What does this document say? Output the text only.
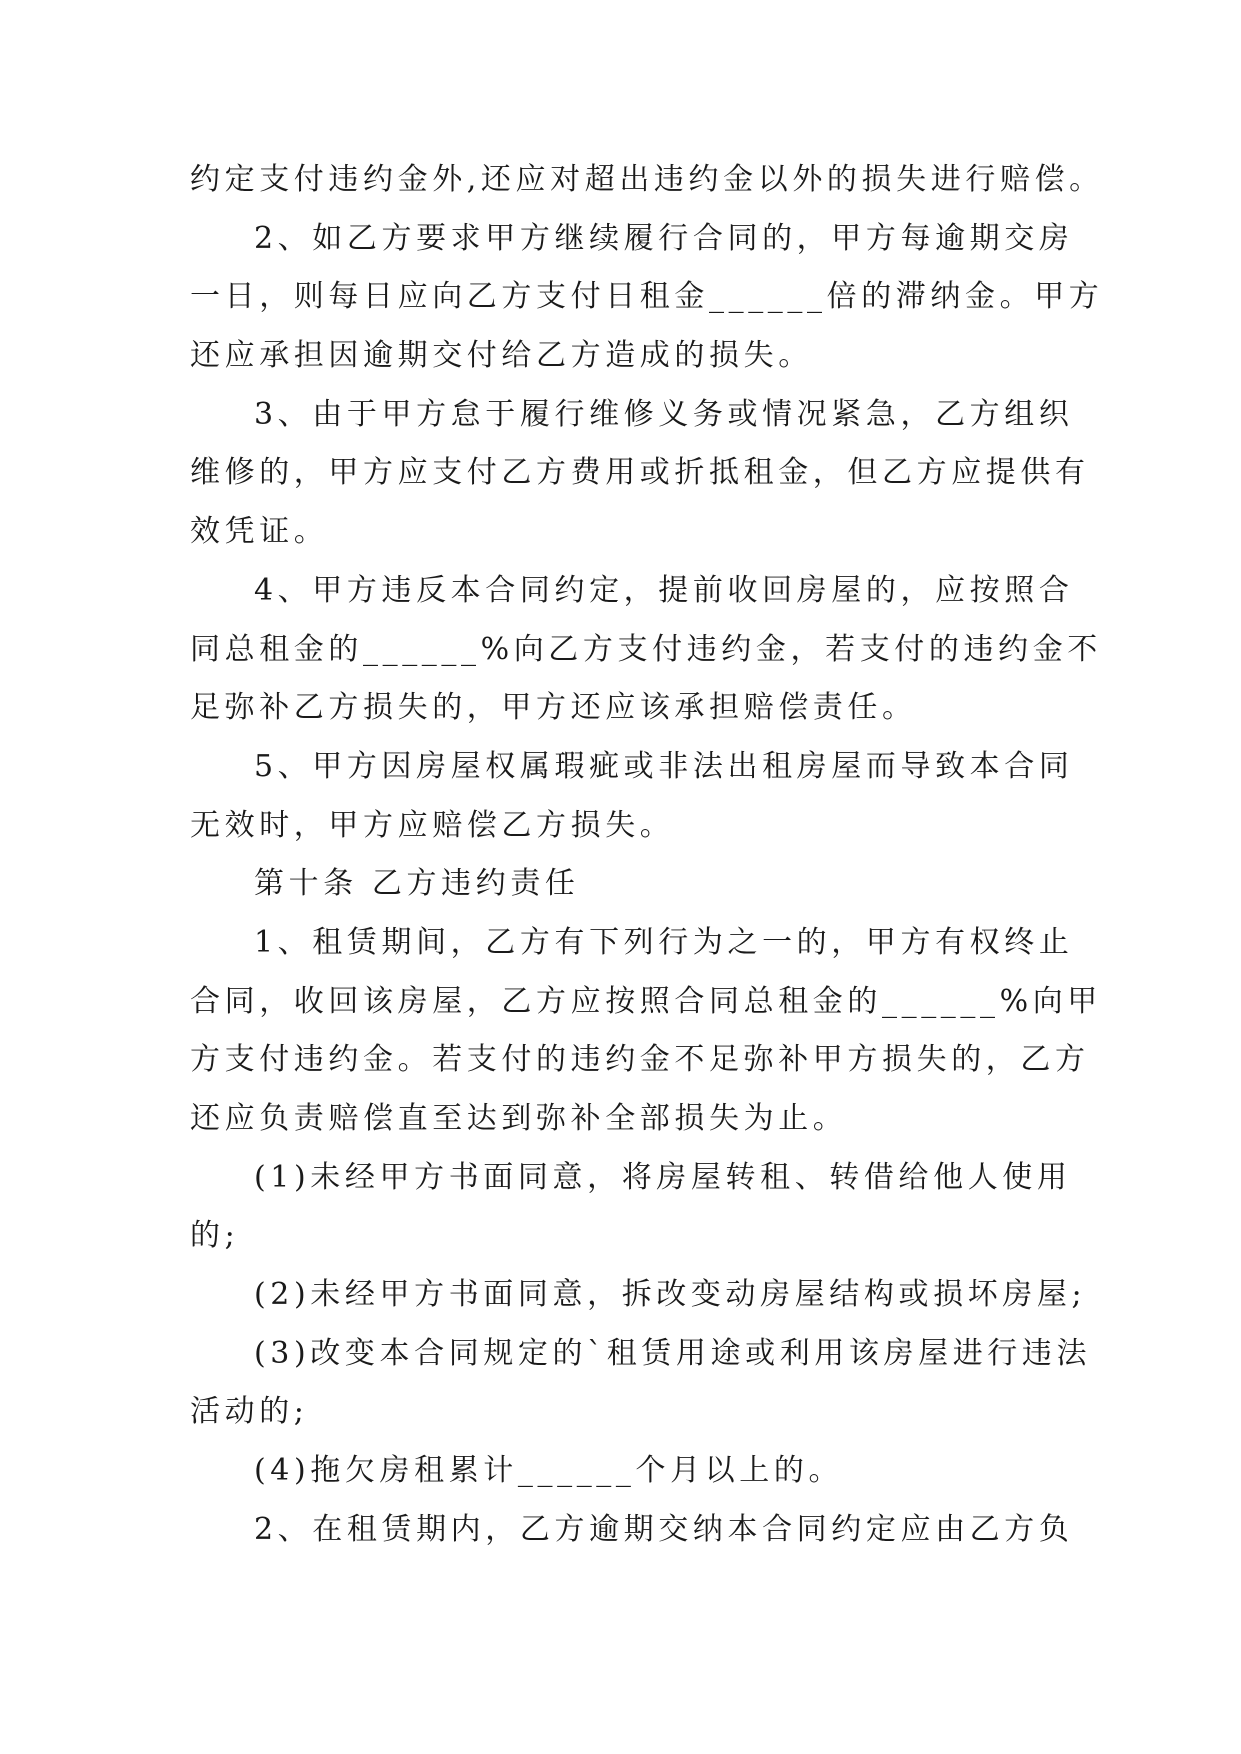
约定支付违约金外,还应对超出违约金以外的损失进行赔偿。
2、如乙方要求甲方继续履行合同的，甲方每逾期交房
一日，则每日应向乙方支付日租金______倍的滞纳金。甲方
还应承担因逾期交付给乙方造成的损失。
3、由于甲方怠于履行维修义务或情况紧急，乙方组织
维修的，甲方应支付乙方费用或折抵租金，但乙方应提供有
效凭证。
4、甲方违反本合同约定，提前收回房屋的，应按照合
同总租金的______%向乙方支付违约金，若支付的违约金不
足弥补乙方损失的，甲方还应该承担赔偿责任。
5、甲方因房屋权属瑕疵或非法出租房屋而导致本合同
无效时，甲方应赔偿乙方损失。
第十条 乙方违约责任
1、租赁期间，乙方有下列行为之一的，甲方有权终止
合同，收回该房屋，乙方应按照合同总租金的______%向甲
方支付违约金。若支付的违约金不足弥补甲方损失的，乙方
还应负责赔偿直至达到弥补全部损失为止。
(1)未经甲方书面同意，将房屋转租、转借给他人使用
的;
(2)未经甲方书面同意，拆改变动房屋结构或损坏房屋;
(3)改变本合同规定的`租赁用途或利用该房屋进行违法
活动的;
(4)拖欠房租累计______个月以上的。
2、在租赁期内，乙方逾期交纳本合同约定应由乙方负
